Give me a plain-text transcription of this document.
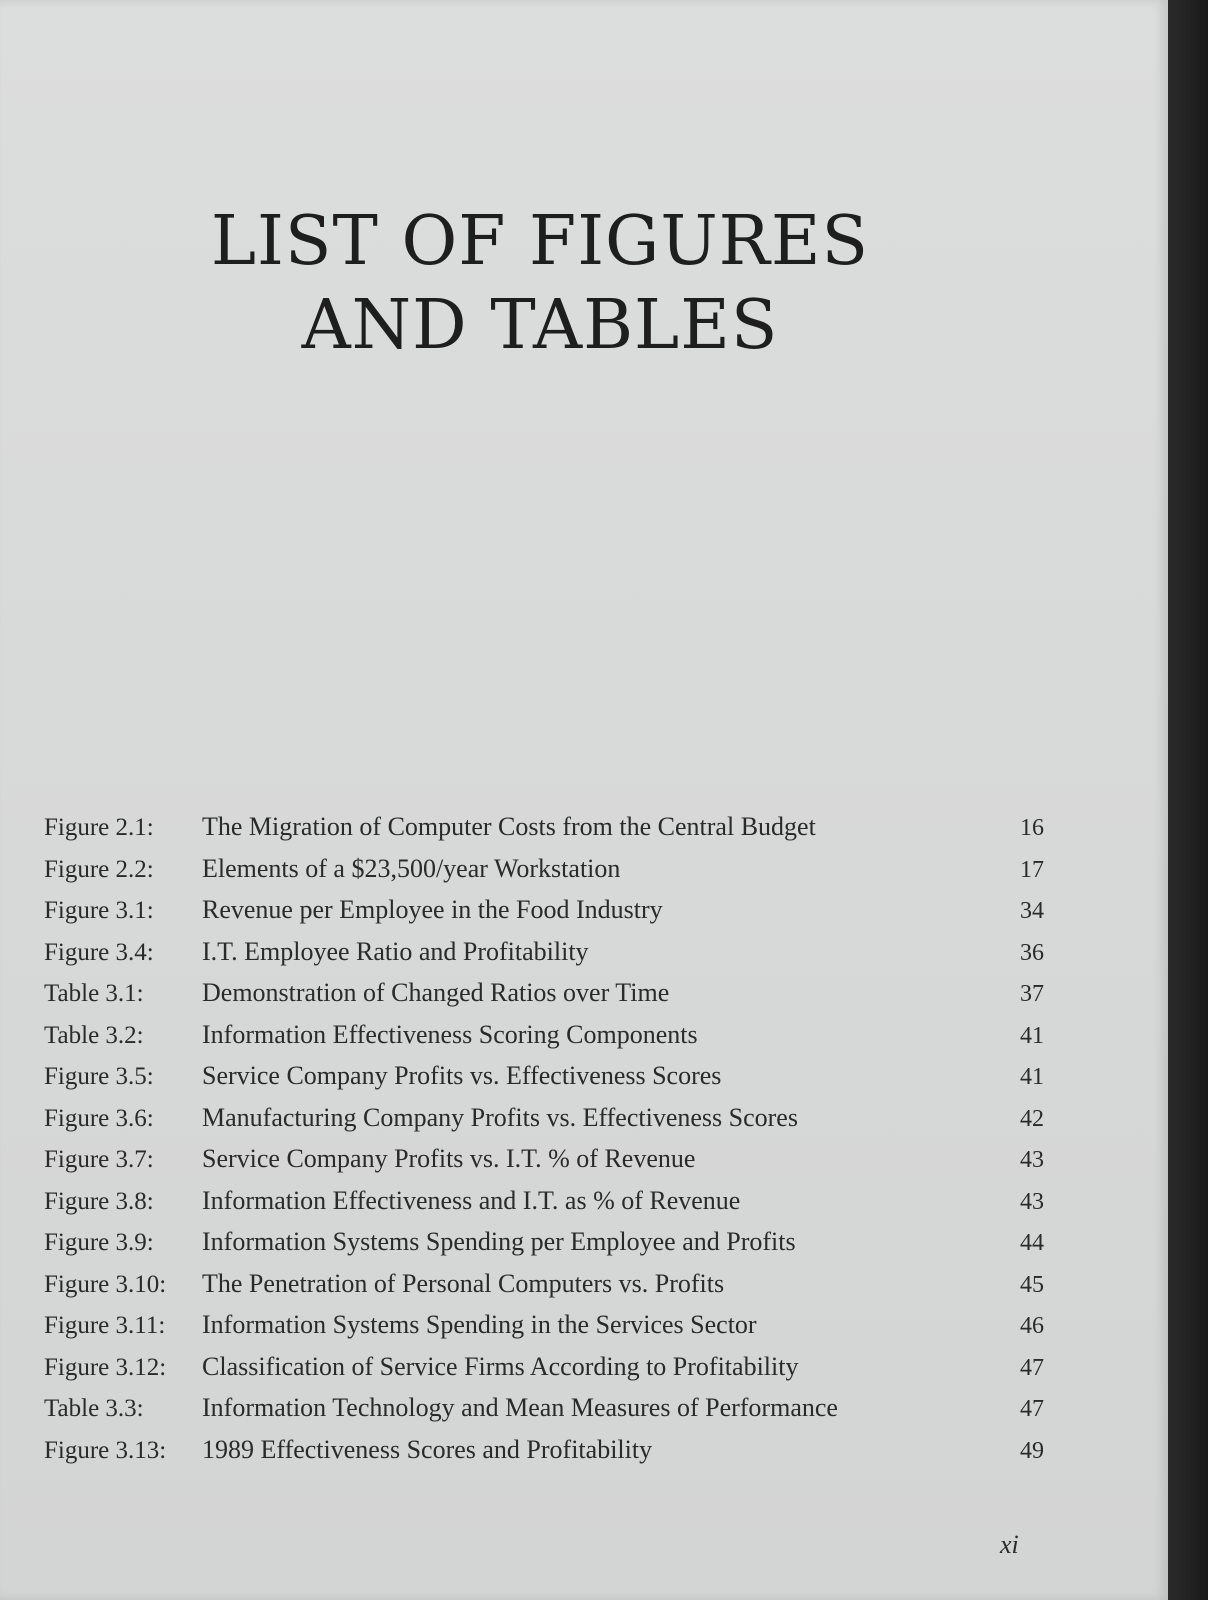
LIST OF FIGURES
AND TABLES
Figure 2.1:	The Migration of Computer Costs from the Central Budget	16
Figure 2.2:	Elements of a $23,500/year Workstation	17
Figure 3.1:	Revenue per Employee in the Food Industry	34
Figure 3.4:	I.T. Employee Ratio and Profitability	36
Table 3.1:	Demonstration of Changed Ratios over Time	37
Table 3.2:	Information Effectiveness Scoring Components	41
Figure 3.5:	Service Company Profits vs. Effectiveness Scores	41
Figure 3.6:	Manufacturing Company Profits vs. Effectiveness Scores	42
Figure 3.7:	Service Company Profits vs. I.T. % of Revenue	43
Figure 3.8:	Information Effectiveness and I.T. as % of Revenue	43
Figure 3.9:	Information Systems Spending per Employee and Profits	44
Figure 3.10:	The Penetration of Personal Computers vs. Profits	45
Figure 3.11:	Information Systems Spending in the Services Sector	46
Figure 3.12:	Classification of Service Firms According to Profitability	47
Table 3.3:	Information Technology and Mean Measures of Performance	47
Figure 3.13:	1989 Effectiveness Scores and Profitability	49
xi
